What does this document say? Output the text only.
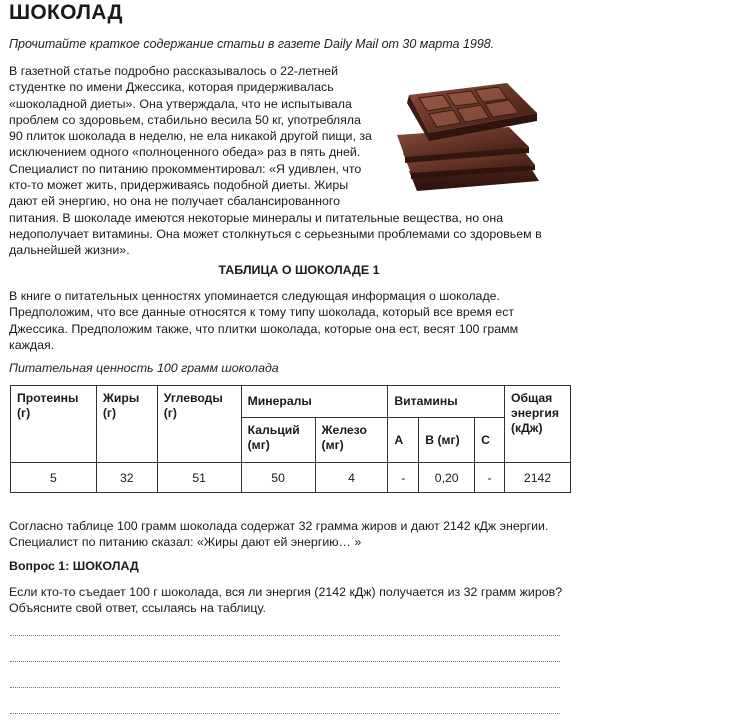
ШОКОЛАД
Прочитайте краткое содержание статьи в газете Daily Mail от 30 марта 1998.
В газетной статье подробно рассказывалось о 22-летней студентке по имени Джессика, которая придерживалась «шоколадной диеты». Она утверждала, что не испытывала проблем со здоровьем, стабильно весила 50 кг, употребляла 90 плиток шоколада в неделю, не ела никакой другой пищи, за исключением одного «полноценного обеда» раз в пять дней. Специалист по питанию прокомментировал: «Я удивлен, что кто-то может жить, придерживаясь подобной диеты. Жиры дают ей энергию, но она не получает сбалансированного питания. В шоколаде имеются некоторые минералы и питательные вещества, но она недополучает витамины. Она может столкнуться с серьезными проблемами со здоровьем в дальнейшей жизни».
ТАБЛИЦА О ШОКОЛАДЕ 1
В книге о питательных ценностях упоминается следующая информация о шоколаде. Предположим, что все данные относятся к тому типу шоколада, который все время ест Джессика. Предположим также, что плитки шоколада, которые она ест, весят 100 грамм каждая.
Питательная ценность 100 грамм шоколада
Протеины (г)	Жиры (г)	Углеводы (г)	Минералы		Витамины			Общая энергия (кДж)
			Кальций (мг)	Железо (мг)	A	B (мг)	C	
5	32	51	50	4	-	0,20	-	2142
Согласно таблице 100 грамм шоколада содержат 32 грамма жиров и дают 2142 кДж энергии. Специалист по питанию сказал: «Жиры дают ей энергию… »
Вопрос 1: ШОКОЛАД
Если кто-то съедает 100 г шоколада, вся ли энергия (2142 кДж) получается из 32 грамм жиров? Объясните свой ответ, ссылаясь на таблицу.
